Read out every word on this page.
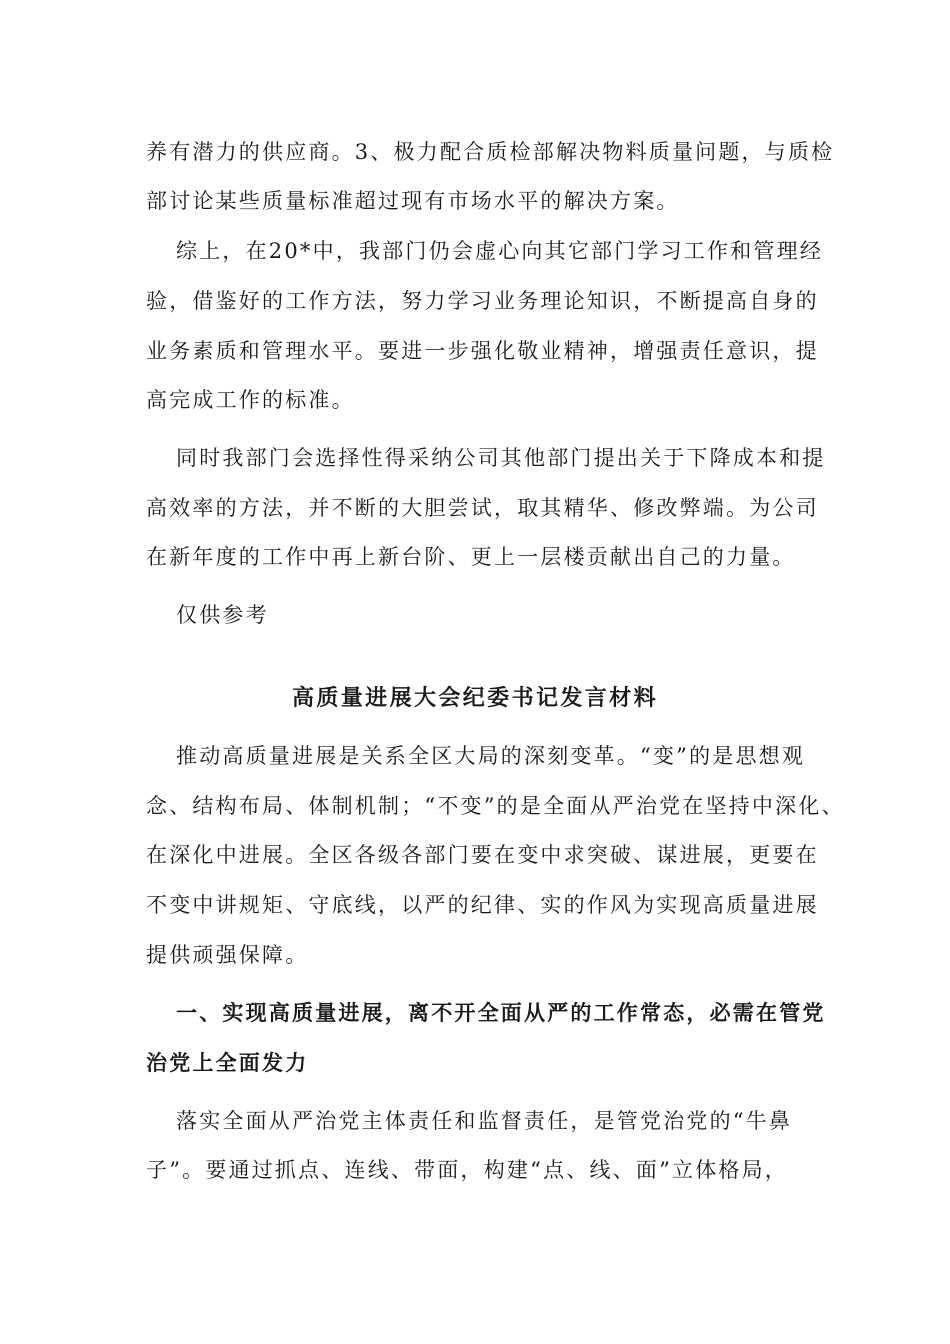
养有潜力的供应商。3、极力配合质检部解决物料质量问题，与质检
部讨论某些质量标准超过现有市场水平的解决方案。
综上，在20*中，我部门仍会虚心向其它部门学习工作和管理经
验，借鉴好的工作方法，努力学习业务理论知识，不断提高自身的
业务素质和管理水平。要进一步强化敬业精神，增强责任意识，提
高完成工作的标准。
同时我部门会选择性得采纳公司其他部门提出关于下降成本和提
高效率的方法，并不断的大胆尝试，取其精华、修改弊端。为公司
在新年度的工作中再上新台阶、更上一层楼贡献出自己的力量。
仅供参考
高质量进展大会纪委书记发言材料
推动高质量进展是关系全区大局的深刻变革。“变”的是思想观
念、结构布局、体制机制；“不变”的是全面从严治党在坚持中深化、
在深化中进展。全区各级各部门要在变中求突破、谋进展，更要在
不变中讲规矩、守底线，以严的纪律、实的作风为实现高质量进展
提供顽强保障。
一、实现高质量进展，离不开全面从严的工作常态，必需在管党
治党上全面发力
落实全面从严治党主体责任和监督责任，是管党治党的“牛鼻
子”。要通过抓点、连线、带面，构建“点、线、面”立体格局，
